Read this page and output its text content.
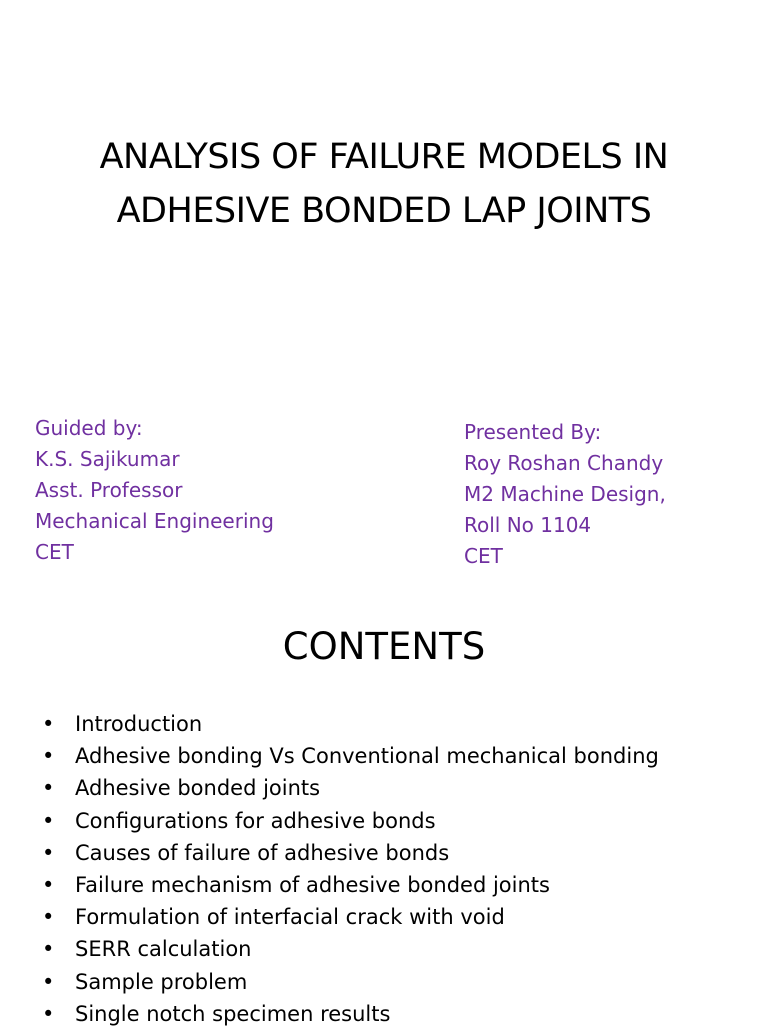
ANALYSIS OF FAILURE MODELS IN
ADHESIVE BONDED LAP JOINTS
Guided by:
K.S. Sajikumar
Asst. Professor
Mechanical Engineering
CET
Presented By:
Roy Roshan Chandy
M2 Machine Design,
Roll No 1104
CET
CONTENTS
• Introduction
• Adhesive bonding Vs Conventional mechanical bonding
• Adhesive bonded joints
• Configurations for adhesive bonds
• Causes of failure of adhesive bonds
• Failure mechanism of adhesive bonded joints
• Formulation of interfacial crack with void
• SERR calculation
• Sample problem
• Single notch specimen results
